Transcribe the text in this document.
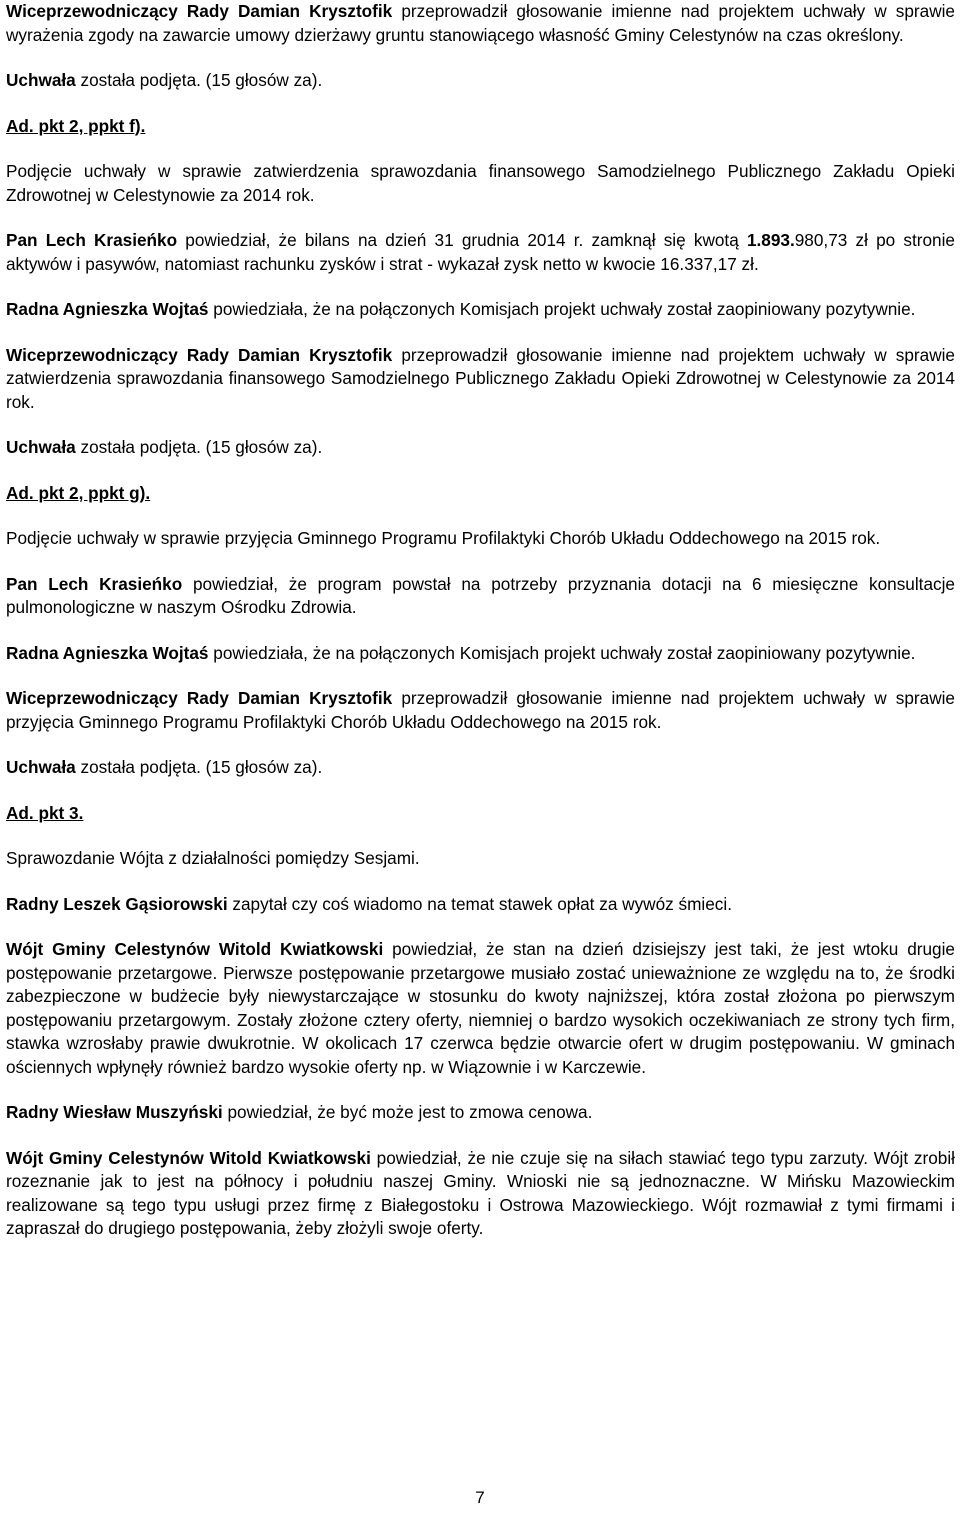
Wiceprzewodniczący Rady Damian Krysztofik przeprowadził głosowanie imienne nad projektem uchwały w sprawie wyrażenia zgody na zawarcie umowy dzierżawy gruntu stanowiącego własność Gminy Celestynów na czas określony.

Uchwała została podjęta. (15 głosów za).

Ad. pkt 2, ppkt f).

Podjęcie uchwały w sprawie zatwierdzenia sprawozdania finansowego Samodzielnego Publicznego Zakładu Opieki Zdrowotnej w Celestynowie za 2014 rok.

Pan Lech Krasieńko powiedział, że bilans na dzień 31 grudnia 2014 r. zamknął się kwotą 1.893.980,73 zł po stronie aktywów i pasywów, natomiast rachunku zysków i strat - wykazał zysk netto w kwocie 16.337,17 zł.

Radna Agnieszka Wojtaś powiedziała, że na połączonych Komisjach projekt uchwały został zaopiniowany pozytywnie.

Wiceprzewodniczący Rady Damian Krysztofik przeprowadził głosowanie imienne nad projektem uchwały w sprawie zatwierdzenia sprawozdania finansowego Samodzielnego Publicznego Zakładu Opieki Zdrowotnej w Celestynowie za 2014 rok.

Uchwała została podjęta. (15 głosów za).

Ad. pkt 2, ppkt g).

Podjęcie uchwały w sprawie przyjęcia Gminnego Programu Profilaktyki Chorób Układu Oddechowego na 2015 rok.

Pan Lech Krasieńko powiedział, że program powstał na potrzeby przyznania dotacji na 6 miesięczne konsultacje pulmonologiczne w naszym Ośrodku Zdrowia.

Radna Agnieszka Wojtaś powiedziała, że na połączonych Komisjach projekt uchwały został zaopiniowany pozytywnie.

Wiceprzewodniczący Rady Damian Krysztofik przeprowadził głosowanie imienne nad projektem uchwały w sprawie przyjęcia Gminnego Programu Profilaktyki Chorób Układu Oddechowego na 2015 rok.

Uchwała została podjęta. (15 głosów za).

Ad. pkt 3.

Sprawozdanie Wójta z działalności pomiędzy Sesjami.

Radny Leszek Gąsiorowski zapytał czy coś wiadomo na temat stawek opłat za wywóz śmieci.

Wójt Gminy Celestynów Witold Kwiatkowski powiedział, że stan na dzień dzisiejszy jest taki, że jest wtoku drugie postępowanie przetargowe. Pierwsze postępowanie przetargowe musiało zostać unieważnione ze względu na to, że środki zabezpieczone w budżecie były niewystarczające w stosunku do kwoty najniższej, która został złożona po pierwszym postępowaniu przetargowym. Zostały złożone cztery oferty, niemniej o bardzo wysokich oczekiwaniach ze strony tych firm, stawka wzrosłaby prawie dwukrotnie. W okolicach 17 czerwca będzie otwarcie ofert w drugim postępowaniu. W gminach ościennych wpłynęły również bardzo wysokie oferty np. w Wiązownie i w Karczewie.

Radny Wiesław Muszyński powiedział, że być może jest to zmowa cenowa.

Wójt Gminy Celestynów Witold Kwiatkowski powiedział, że nie czuje się na siłach stawiać tego typu zarzuty. Wójt zrobił rozeznanie jak to jest na północy i południu naszej Gminy. Wnioski nie są jednoznaczne. W Mińsku Mazowieckim realizowane są tego typu usługi przez firmę z Białegostoku i Ostrowa Mazowieckiego. Wójt rozmawiał z tymi firmami i zapraszał do drugiego postępowania, żeby złożyli swoje oferty.

7
